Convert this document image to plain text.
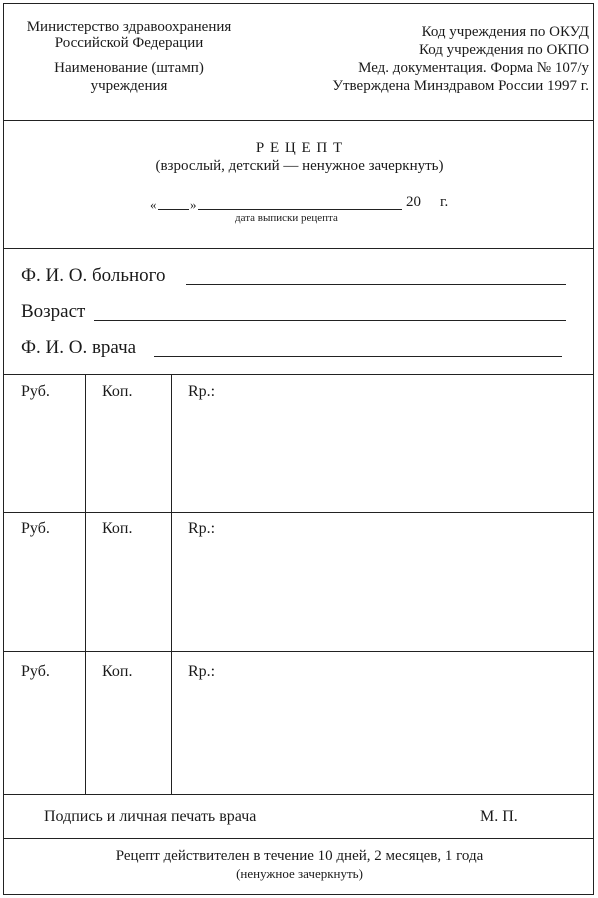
Министерство здравоохранения
Российской Федерации
Наименование (штамп)
учреждения
Код учреждения по ОКУД
Код учреждения по ОКПО
Мед. документация. Форма № 107/у
Утверждена Минздравом России 1997 г.
Р Е Ц Е П Т
(взрослый, детский — ненужное зачеркнуть)
«	»	20 г.
дата выписки рецепта
Ф. И. О. больного
Возраст
Ф. И. О. врача
Руб.	Коп.	Rp.:
Руб.	Коп.	Rp.:
Руб.	Коп.	Rp.:
Подпись и личная печать врача	М. П.
Рецепт действителен в течение 10 дней, 2 месяцев, 1 года
(ненужное зачеркнуть)
